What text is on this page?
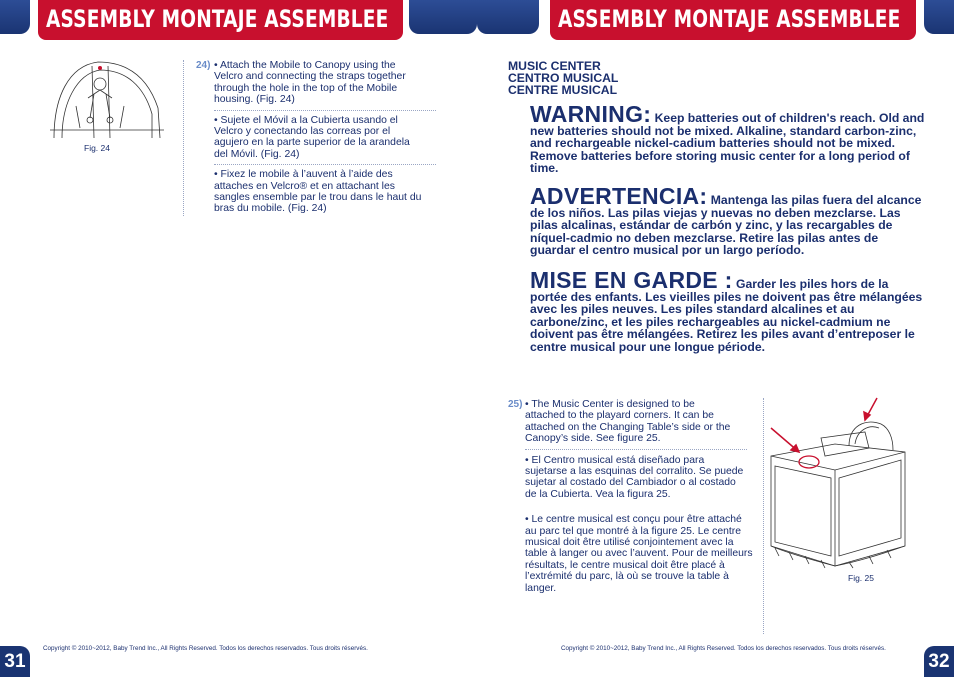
ASSEMBLY MONTAJE ASSEMBLEE
Fig. 24
24) • Attach the Mobile to Canopy using the Velcro and connecting the straps together through the hole in the top of the Mobile housing. (Fig. 24)
• Sujete el Móvil a la Cubierta usando el Velcro y conectando las correas por el agujero en la parte superior de la arandela del Móvil. (Fig. 24)
• Fixez le mobile à l’auvent à l’aide des attaches en Velcro® et en attachant les sangles ensemble par le trou dans le haut du bras du mobile. (Fig. 24)
31
Copyright © 2010~2012, Baby Trend Inc., All Rights Reserved. Todos los derechos reservados. Tous droits réservés.
ASSEMBLY MONTAJE ASSEMBLEE
MUSIC CENTER
CENTRO MUSICAL
CENTRE MUSICAL
WARNING: Keep batteries out of children's reach. Old and new batteries should not be mixed. Alkaline, standard carbon-zinc, and rechargeable nickel-cadium batteries should not be mixed. Remove batteries before storing music center for a long period of time.
ADVERTENCIA: Mantenga las pilas fuera del alcance de los niños. Las pilas viejas y nuevas no deben mezclarse. Las pilas alcalinas, estándar de carbón y zinc, y las recargables de níquel-cadmio no deben mezclarse. Retire las pilas antes de guardar el centro musical por un largo período.
MISE EN GARDE : Garder les piles hors de la portée des enfants. Les vieilles piles ne doivent pas être mélangées avec les piles neuves. Les piles standard alcalines et au carbone/zinc, et les piles rechargeables au nickel-cadmium ne doivent pas être mélangées. Retirez les piles avant d’entreposer le centre musical pour une longue période.
25) • The Music Center is designed to be attached to the playard corners. It can be attached on the Changing Table’s side or the Canopy’s side. See figure 25.
• El Centro musical está diseñado para sujetarse a las esquinas del corralito. Se puede sujetar al costado del Cambiador o al costado de la Cubierta. Vea la figura 25.
• Le centre musical est conçu pour être attaché au parc tel que montré à la figure 25. Le centre musical doit être utilisé conjointement avec la table à langer ou avec l’auvent. Pour de meilleurs résultats, le centre musical doit être placé à l’extrémité du parc, là où se trouve la table à langer.
Fig. 25
32
Copyright © 2010~2012, Baby Trend Inc., All Rights Reserved. Todos los derechos reservados. Tous droits réservés.
